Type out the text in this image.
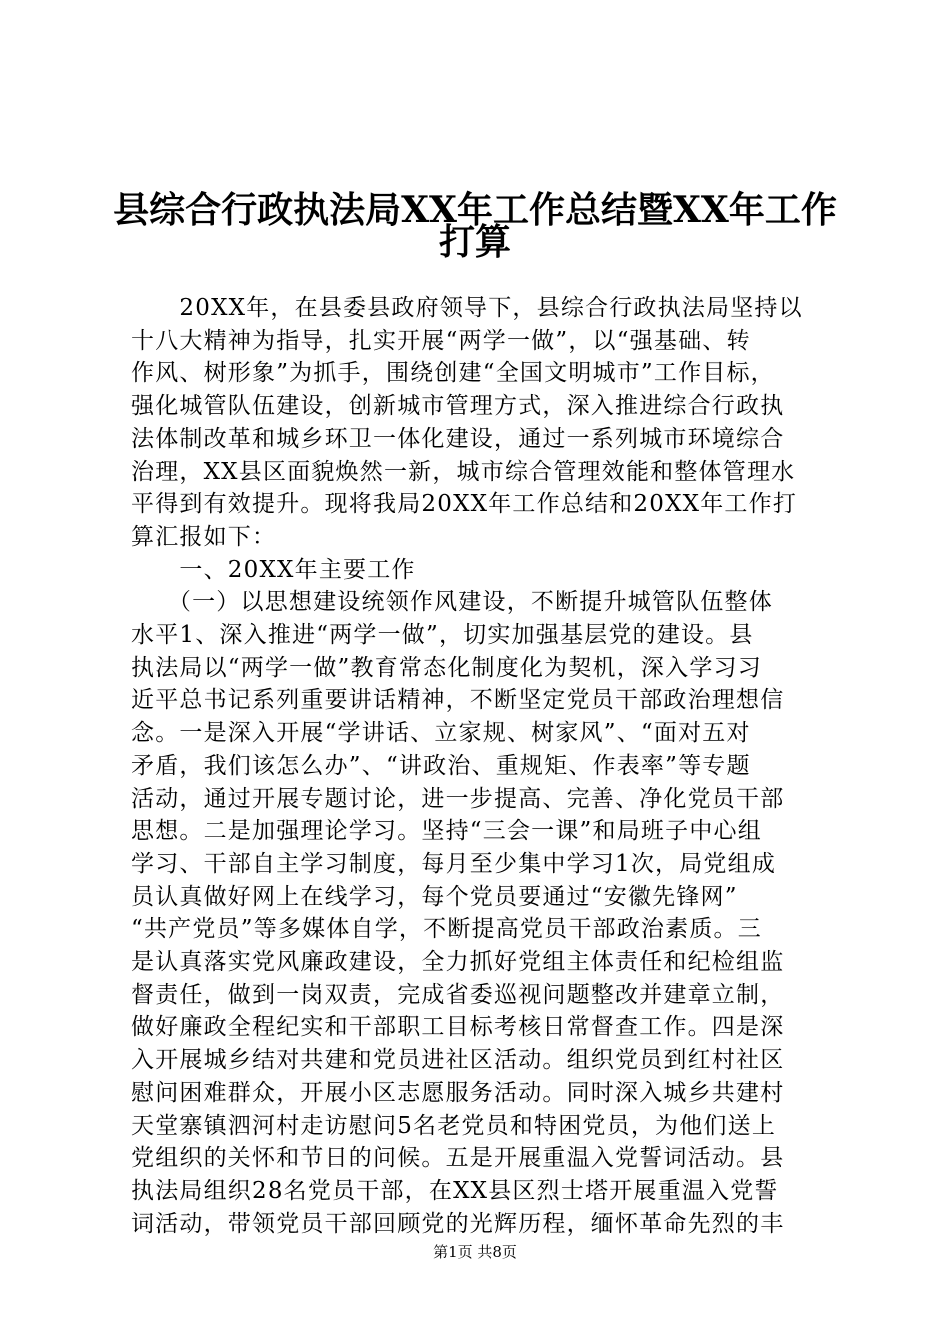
县综合行政执法局XX年工作总结暨XX年工作
打算
　　20XX年，在县委县政府领导下，县综合行政执法局坚持以
十八大精神为指导，扎实开展“两学一做”，以“强基础、转
作风、树形象”为抓手，围绕创建“全国文明城市”工作目标，
强化城管队伍建设，创新城市管理方式，深入推进综合行政执
法体制改革和城乡环卫一体化建设，通过一系列城市环境综合
治理，XX县区面貌焕然一新，城市综合管理效能和整体管理水
平得到有效提升。现将我局20XX年工作总结和20XX年工作打
算汇报如下：
　　一、20XX年主要工作
　　（一）以思想建设统领作风建设，不断提升城管队伍整体
水平1、深入推进“两学一做”，切实加强基层党的建设。县
执法局以“两学一做”教育常态化制度化为契机，深入学习习
近平总书记系列重要讲话精神，不断坚定党员干部政治理想信
念。一是深入开展“学讲话、立家规、树家风”、“面对五对
矛盾，我们该怎么办”、“讲政治、重规矩、作表率”等专题
活动，通过开展专题讨论，进一步提高、完善、净化党员干部
思想。二是加强理论学习。坚持“三会一课”和局班子中心组
学习、干部自主学习制度，每月至少集中学习1次，局党组成
员认真做好网上在线学习，每个党员要通过“安徽先锋网”
“共产党员”等多媒体自学，不断提高党员干部政治素质。三
是认真落实党风廉政建设，全力抓好党组主体责任和纪检组监
督责任，做到一岗双责，完成省委巡视问题整改并建章立制，
做好廉政全程纪实和干部职工目标考核日常督查工作。四是深
入开展城乡结对共建和党员进社区活动。组织党员到红村社区
慰问困难群众，开展小区志愿服务活动。同时深入城乡共建村
天堂寨镇泗河村走访慰问5名老党员和特困党员，为他们送上
党组织的关怀和节日的问候。五是开展重温入党誓词活动。县
执法局组织28名党员干部，在XX县区烈士塔开展重温入党誓
词活动，带领党员干部回顾党的光辉历程，缅怀革命先烈的丰
第1页 共8页
